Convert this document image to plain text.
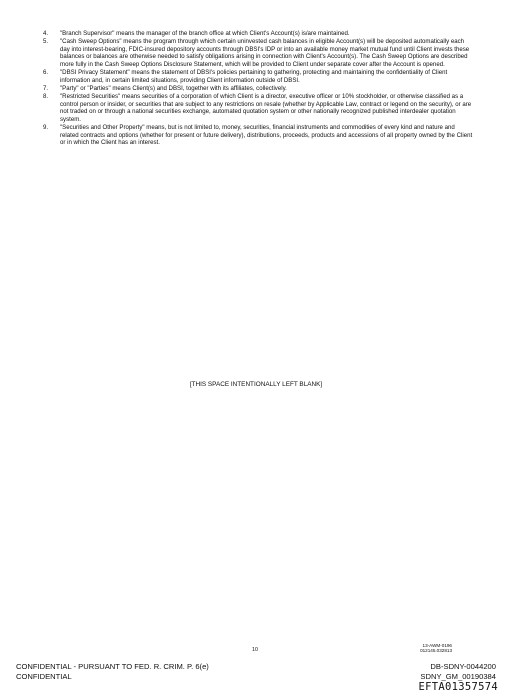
4. "Branch Supervisor" means the manager of the branch office at which Client's Account(s) is/are maintained.
5. "Cash Sweep Options" means the program through which certain uninvested cash balances in eligible Account(s) will be deposited automatically each day into interest-bearing, FDIC-insured depository accounts through DBSI's IDP or into an available money market mutual fund until Client invests these balances or balances are otherwise needed to satisfy obligations arising in connection with Client's Account(s). The Cash Sweep Options are described more fully in the Cash Sweep Options Disclosure Statement, which will be provided to Client under separate cover after the Account is opened.
6. "DBSI Privacy Statement" means the statement of DBSI's policies pertaining to gathering, protecting and maintaining the confidentiality of Client information and, in certain limited situations, providing Client information outside of DBSI.
7. "Party" or "Parties" means Client(s) and DBSI, together with its affiliates, collectively.
8. "Restricted Securities" means securities of a corporation of which Client is a director, executive officer or 10% stockholder, or otherwise classified as a control person or insider, or securities that are subject to any restrictions on resale (whether by Applicable Law, contract or legend on the security), or are not traded on or through a national securities exchange, automated quotation system or other nationally recognized published interdealer quotation system.
9. "Securities and Other Property" means, but is not limited to, money, securities, financial instruments and commodities of every kind and nature and related contracts and options (whether for present or future delivery), distributions, proceeds, products and accessions of all property owned by the Client or in which the Client has an interest.
[THIS SPACE INTENTIONALLY LEFT BLANK]
10
13-AWM-0196
012145.032813
CONFIDENTIAL - PURSUANT TO FED. R. CRIM. P. 6(e)
CONFIDENTIAL
DB-SDNY-0044200
SDNY_GM_00190384
EFTA01357574
